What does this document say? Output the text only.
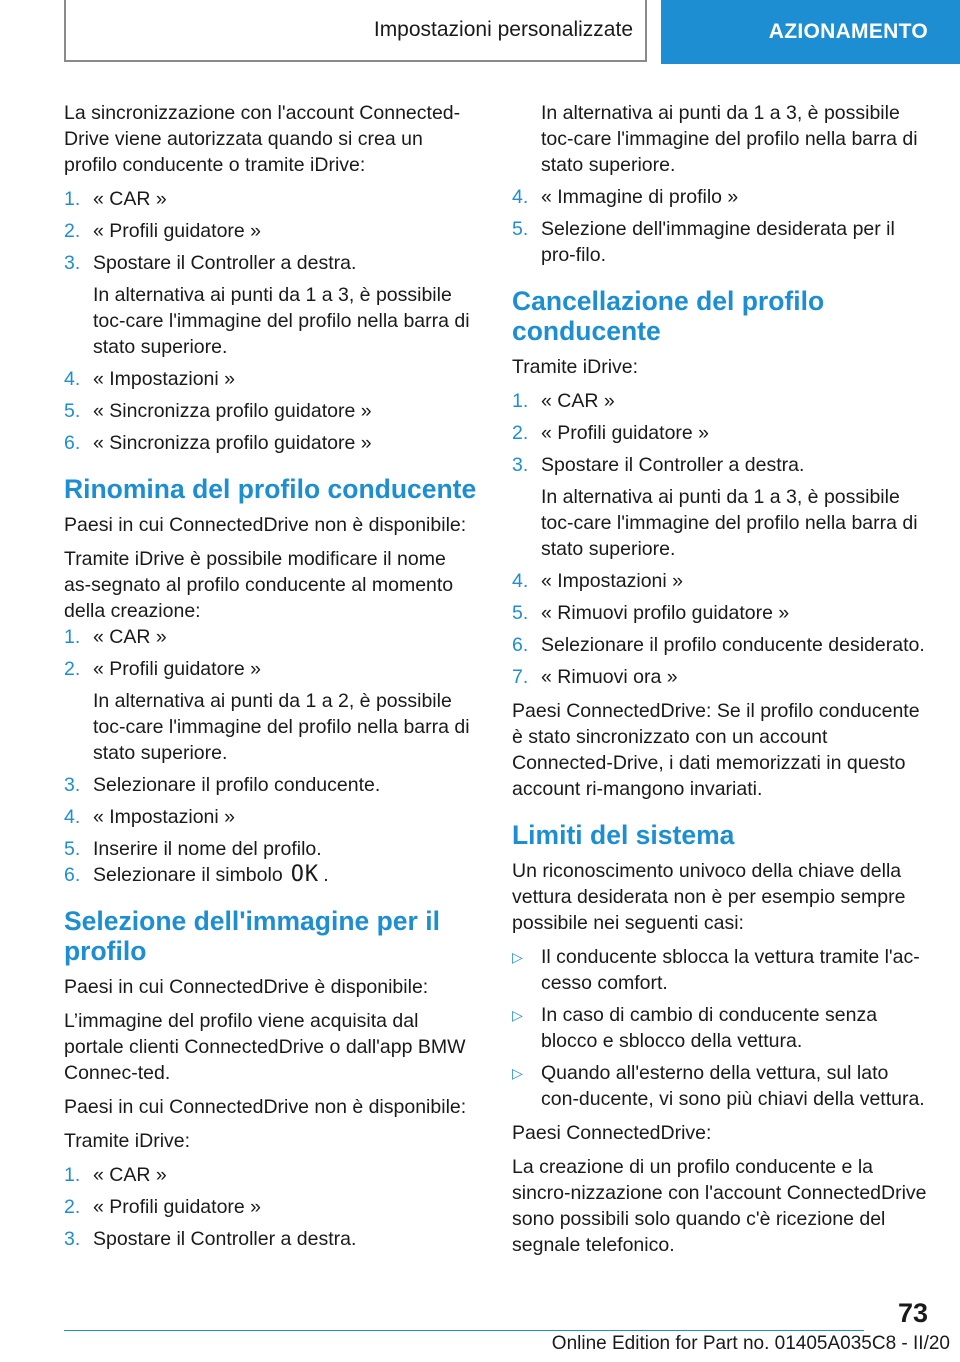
Impostazioni personalizzate	AZIONAMENTO

La sincronizzazione con l'account Connected-Drive viene autorizzata quando si crea un profilo conducente o tramite iDrive:

1. « CAR »
2. « Profili guidatore »
3. Spostare il Controller a destra.
In alternativa ai punti da 1 a 3, è possibile toc-care l'immagine del profilo nella barra di stato superiore.
4. « Impostazioni »
5. « Sincronizza profilo guidatore »
6. « Sincronizza profilo guidatore »
Rinomina del profilo conducente

Paesi in cui ConnectedDrive non è disponibile:

Tramite iDrive è possibile modificare il nome as-segnato al profilo conducente al momento della creazione:

1. « CAR »
2. « Profili guidatore »
In alternativa ai punti da 1 a 2, è possibile toc-care l'immagine del profilo nella barra di stato superiore.
3. Selezionare il profilo conducente.
4. « Impostazioni »
5. Inserire il nome del profilo.
6. Selezionare il simbolo OK .
Selezione dell'immagine per il profilo

Paesi in cui ConnectedDrive è disponibile:

L’immagine del profilo viene acquisita dal portale clienti ConnectedDrive o dall'app BMW Connec-ted.

Paesi in cui ConnectedDrive non è disponibile:

Tramite iDrive:

1. « CAR »
2. « Profili guidatore »
3. Spostare il Controller a destra.

In alternativa ai punti da 1 a 3, è possibile toc-care l'immagine del profilo nella barra di stato superiore.

4. « Immagine di profilo »
5. Selezione dell'immagine desiderata per il pro-filo.
Cancellazione del profilo conducente

Tramite iDrive:

1. « CAR »
2. « Profili guidatore »
3. Spostare il Controller a destra.
In alternativa ai punti da 1 a 3, è possibile toc-care l'immagine del profilo nella barra di stato superiore.
4. « Impostazioni »
5. « Rimuovi profilo guidatore »
6. Selezionare il profilo conducente desiderato.
7. « Rimuovi ora »

Paesi ConnectedDrive: Se il profilo conducente è stato sincronizzato con un account Connected-Drive, i dati memorizzati in questo account ri-mangono invariati.

Limiti del sistema

Un riconoscimento univoco della chiave della vettura desiderata non è per esempio sempre possibile nei seguenti casi:

▷ Il conducente sblocca la vettura tramite l'ac-cesso comfort.
▷ In caso di cambio di conducente senza blocco e sblocco della vettura.
▷ Quando all'esterno della vettura, sul lato con-ducente, vi sono più chiavi della vettura.

Paesi ConnectedDrive:

La creazione di un profilo conducente e la sincro-nizzazione con l'account ConnectedDrive sono possibili solo quando c'è ricezione del segnale telefonico.

73
Online Edition for Part no. 01405A035C8 - II/20
